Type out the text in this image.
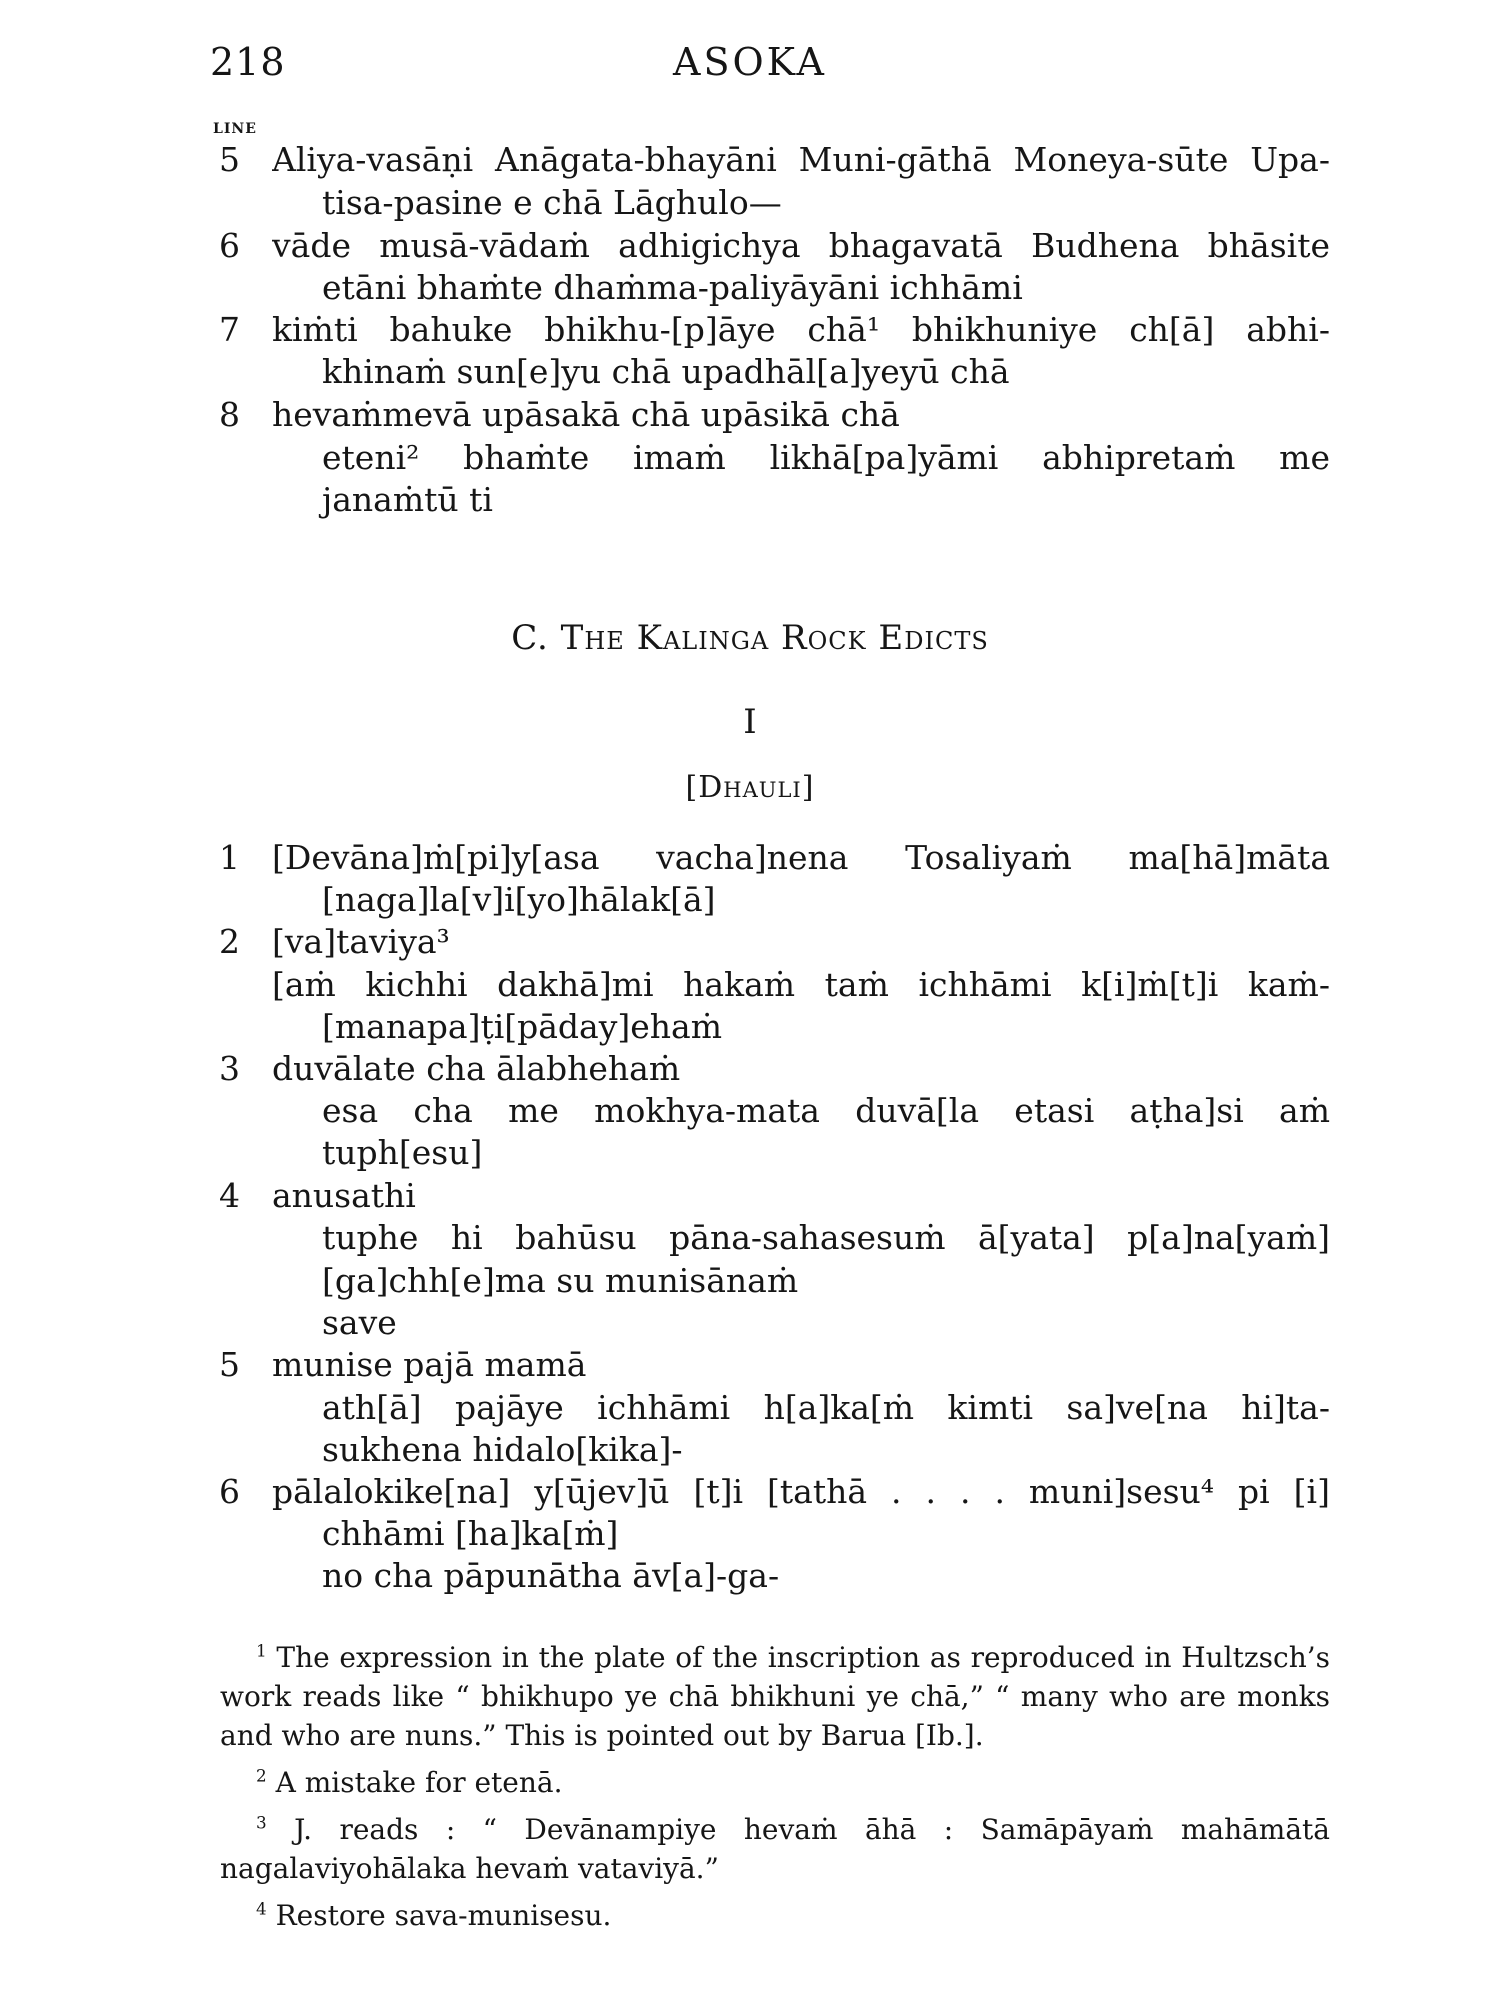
218	ASOKA
LINE
5 Aliya-vasāṇi Anāgata-bhayāni Muni-gāthā Moneya-sūte Upa-
tisa-pasine e chā Lāghulo—
6 vāde musā-vādaṁ adhigichya bhagavatā Budhena bhāsite
etāni bhaṁte dhaṁma-paliyāyāni ichhāmi
7 kiṁti bahuke bhikhu-[p]āye chā¹ bhikhuniye ch[ā] abhi-
khinaṁ sun[e]yu chā upadhāl[a]yeyū chā
8 hevaṁmevā upāsakā chā upāsikā chā
eteni² bhaṁte imaṁ likhā[pa]yāmi abhipretaṁ me
janaṁtū ti
C. The Kalinga Rock Edicts
I
[Dhauli]
1 [Devāna]ṁ[pi]y[asa vacha]nena Tosaliyaṁ ma[hā]māta
[naga]la[v]i[yo]hālak[ā]
2 [va]taviya³
[aṁ kichhi dakhā]mi hakaṁ taṁ ichhāmi k[i]ṁ[t]i kaṁ-
[manapa]ṭi[pāday]ehaṁ
3 duvālate cha ālabhehaṁ
esa cha me mokhya-mata duvā[la etasi aṭha]si aṁ
tuph[esu]
4 anusathi
tuphe hi bahūsu pāna-sahasesuṁ ā[yata] p[a]na[yaṁ]
[ga]chh[e]ma su munisānaṁ
save
5 munise pajā mamā
ath[ā] pajāye ichhāmi h[a]ka[ṁ kimti sa]ve[na hi]ta-
sukhena hidalo[kika]-
6 pālalokike[na] y[ūjev]ū [t]i [tathā . . . . muni]sesu⁴ pi [i]
chhāmi [ha]ka[ṁ]
no cha pāpunātha āv[a]-ga-

$^1$ The expression in the plate of the inscription as reproduced in Hultzsch’s work reads like “ bhikhupo ye chā bhikhuni ye chā,” “ many who are monks and who are nuns.” This is pointed out by Barua [Ib.].

$^2$ A mistake for etenā.

$^3$ J. reads : “ Devānampiye hevaṁ āhā : Samāpāyaṁ mahāmātā nagalaviyohālaka hevaṁ vataviyā.”

$^4$ Restore sava-munisesu.
